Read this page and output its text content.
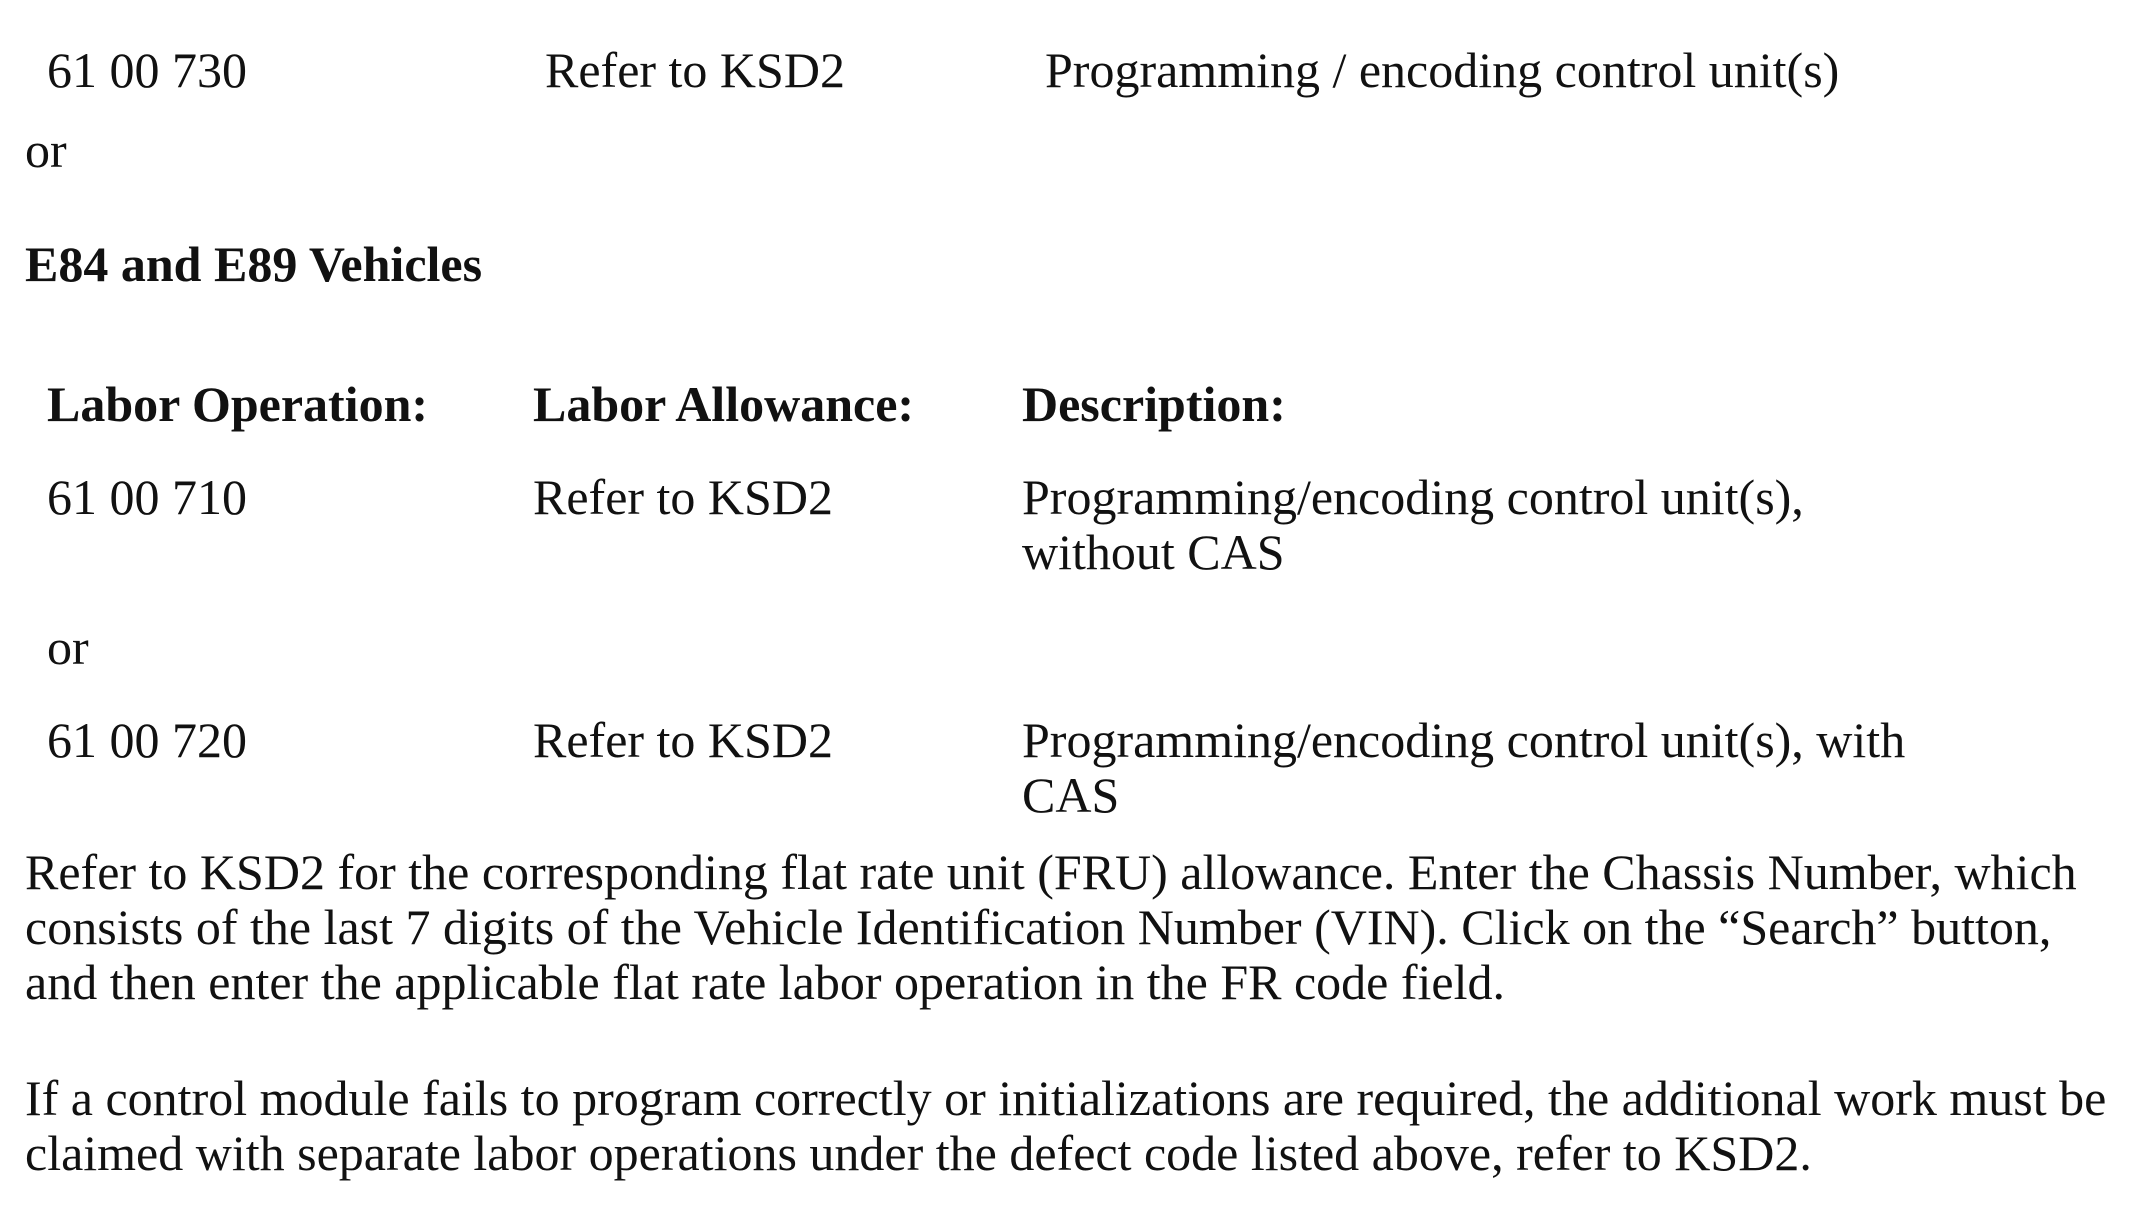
61 00 730	Refer to KSD2	Programming / encoding control unit(s)
or
E84 and E89 Vehicles
Labor Operation: Labor Allowance: Description:
61 00 710	Refer to KSD2	Programming/encoding control unit(s),
without CAS
or
61 00 720	Refer to KSD2	Programming/encoding control unit(s), with
CAS
Refer to KSD2 for the corresponding flat rate unit (FRU) allowance. Enter the Chassis Number, which
consists of the last 7 digits of the Vehicle Identification Number (VIN). Click on the “Search” button,
and then enter the applicable flat rate labor operation in the FR code field.
If a control module fails to program correctly or initializations are required, the additional work must be
claimed with separate labor operations under the defect code listed above, refer to KSD2.
